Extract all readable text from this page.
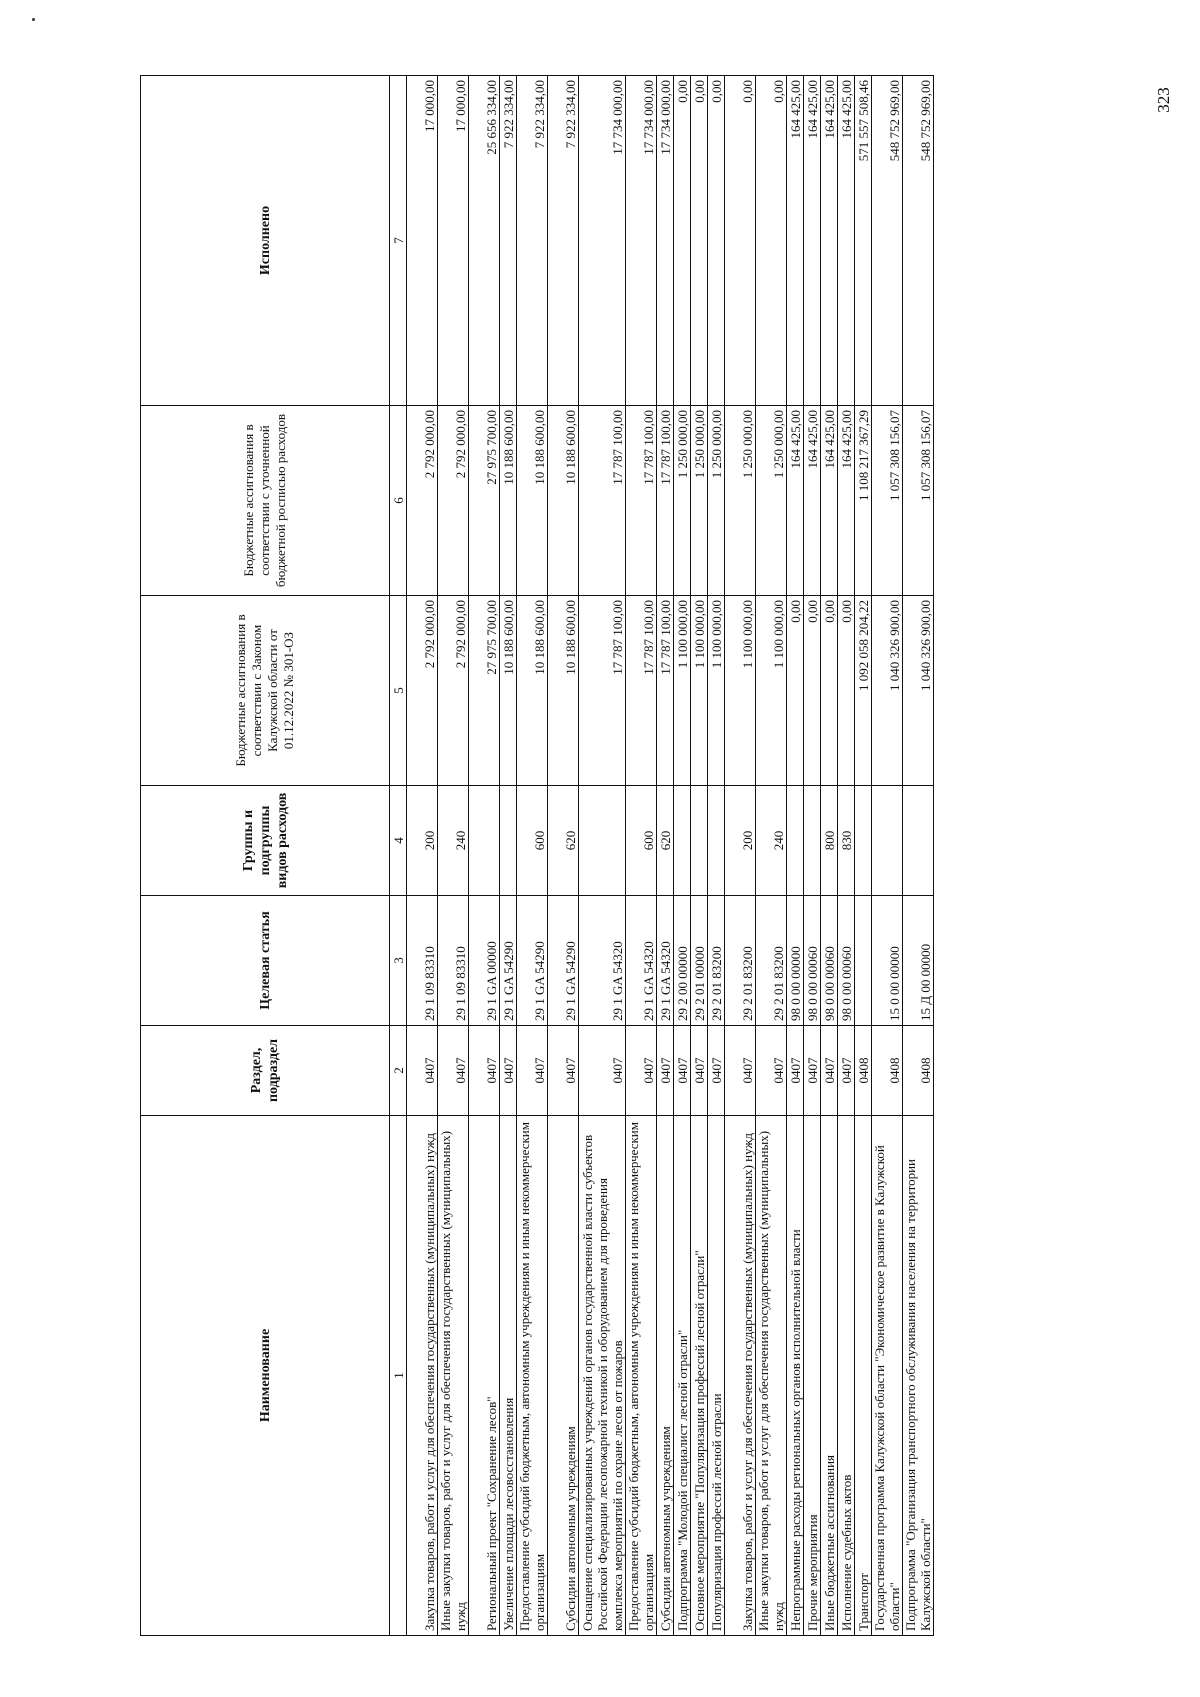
323
Наименование	Раздел, подраздел	Целевая статья	Группы и подгруппы видов расходов	Бюджетные ассигнования в соответствии с Законом Калужской области от 01.12.2022 № 301-ОЗ	Бюджетные ассигнования в соответствии с уточненной бюджетной росписью расходов	Исполнено
1	2	3	4	5	6	7
Закупка товаров, работ и услуг для обеспечения государственных (муниципальных) нужд	0407	29 1 09 83310	200	2 792 000,00	2 792 000,00	17 000,00
Иные закупки товаров, работ и услуг для обеспечения государственных (муниципальных) нужд	0407	29 1 09 83310	240	2 792 000,00	2 792 000,00	17 000,00
Региональный проект "Сохранение лесов"	0407	29 1 GA 00000		27 975 700,00	27 975 700,00	25 656 334,00
Увеличение площади лесовосстановления	0407	29 1 GA 54290		10 188 600,00	10 188 600,00	7 922 334,00
Предоставление субсидий бюджетным, автономным учреждениям и иным некоммерческим организациям	0407	29 1 GA 54290	600	10 188 600,00	10 188 600,00	7 922 334,00
Субсидии автономным учреждениям	0407	29 1 GA 54290	620	10 188 600,00	10 188 600,00	7 922 334,00
Оснащение специализированных учреждений органов государственной власти субъектов Российской Федерации лесопожарной техникой и оборудованием для проведения комплекса мероприятий по охране лесов от пожаров	0407	29 1 GA 54320		17 787 100,00	17 787 100,00	17 734 000,00
Предоставление субсидий бюджетным, автономным учреждениям и иным некоммерческим организациям	0407	29 1 GA 54320	600	17 787 100,00	17 787 100,00	17 734 000,00
Субсидии автономным учреждениям	0407	29 1 GA 54320	620	17 787 100,00	17 787 100,00	17 734 000,00
Подпрограмма "Молодой специалист лесной отрасли"	0407	29 2 00 00000		1 100 000,00	1 250 000,00	0,00
Основное мероприятие "Популяризация профессий лесной отрасли"	0407	29 2 01 00000		1 100 000,00	1 250 000,00	0,00
Популяризация профессий лесной отрасли	0407	29 2 01 83200		1 100 000,00	1 250 000,00	0,00
Закупка товаров, работ и услуг для обеспечения государственных (муниципальных) нужд	0407	29 2 01 83200	200	1 100 000,00	1 250 000,00	0,00
Иные закупки товаров, работ и услуг для обеспечения государственных (муниципальных) нужд	0407	29 2 01 83200	240	1 100 000,00	1 250 000,00	0,00
Непрограммные расходы региональных органов исполнительной власти	0407	98 0 00 00000		0,00	164 425,00	164 425,00
Прочие мероприятия	0407	98 0 00 00060		0,00	164 425,00	164 425,00
Иные бюджетные ассигнования	0407	98 0 00 00060	800	0,00	164 425,00	164 425,00
Исполнение судебных актов	0407	98 0 00 00060	830	0,00	164 425,00	164 425,00
Транспорт	0408			1 092 058 204,22	1 108 217 367,29	571 557 508,46
Государственная программа Калужской области "Экономическое развитие в Калужской области"	0408	15 0 00 00000		1 040 326 900,00	1 057 308 156,07	548 752 969,00
Подпрограмма "Организация транспортного обслуживания населения на территории Калужской области"	0408	15 Д 00 00000		1 040 326 900,00	1 057 308 156,07	548 752 969,00
